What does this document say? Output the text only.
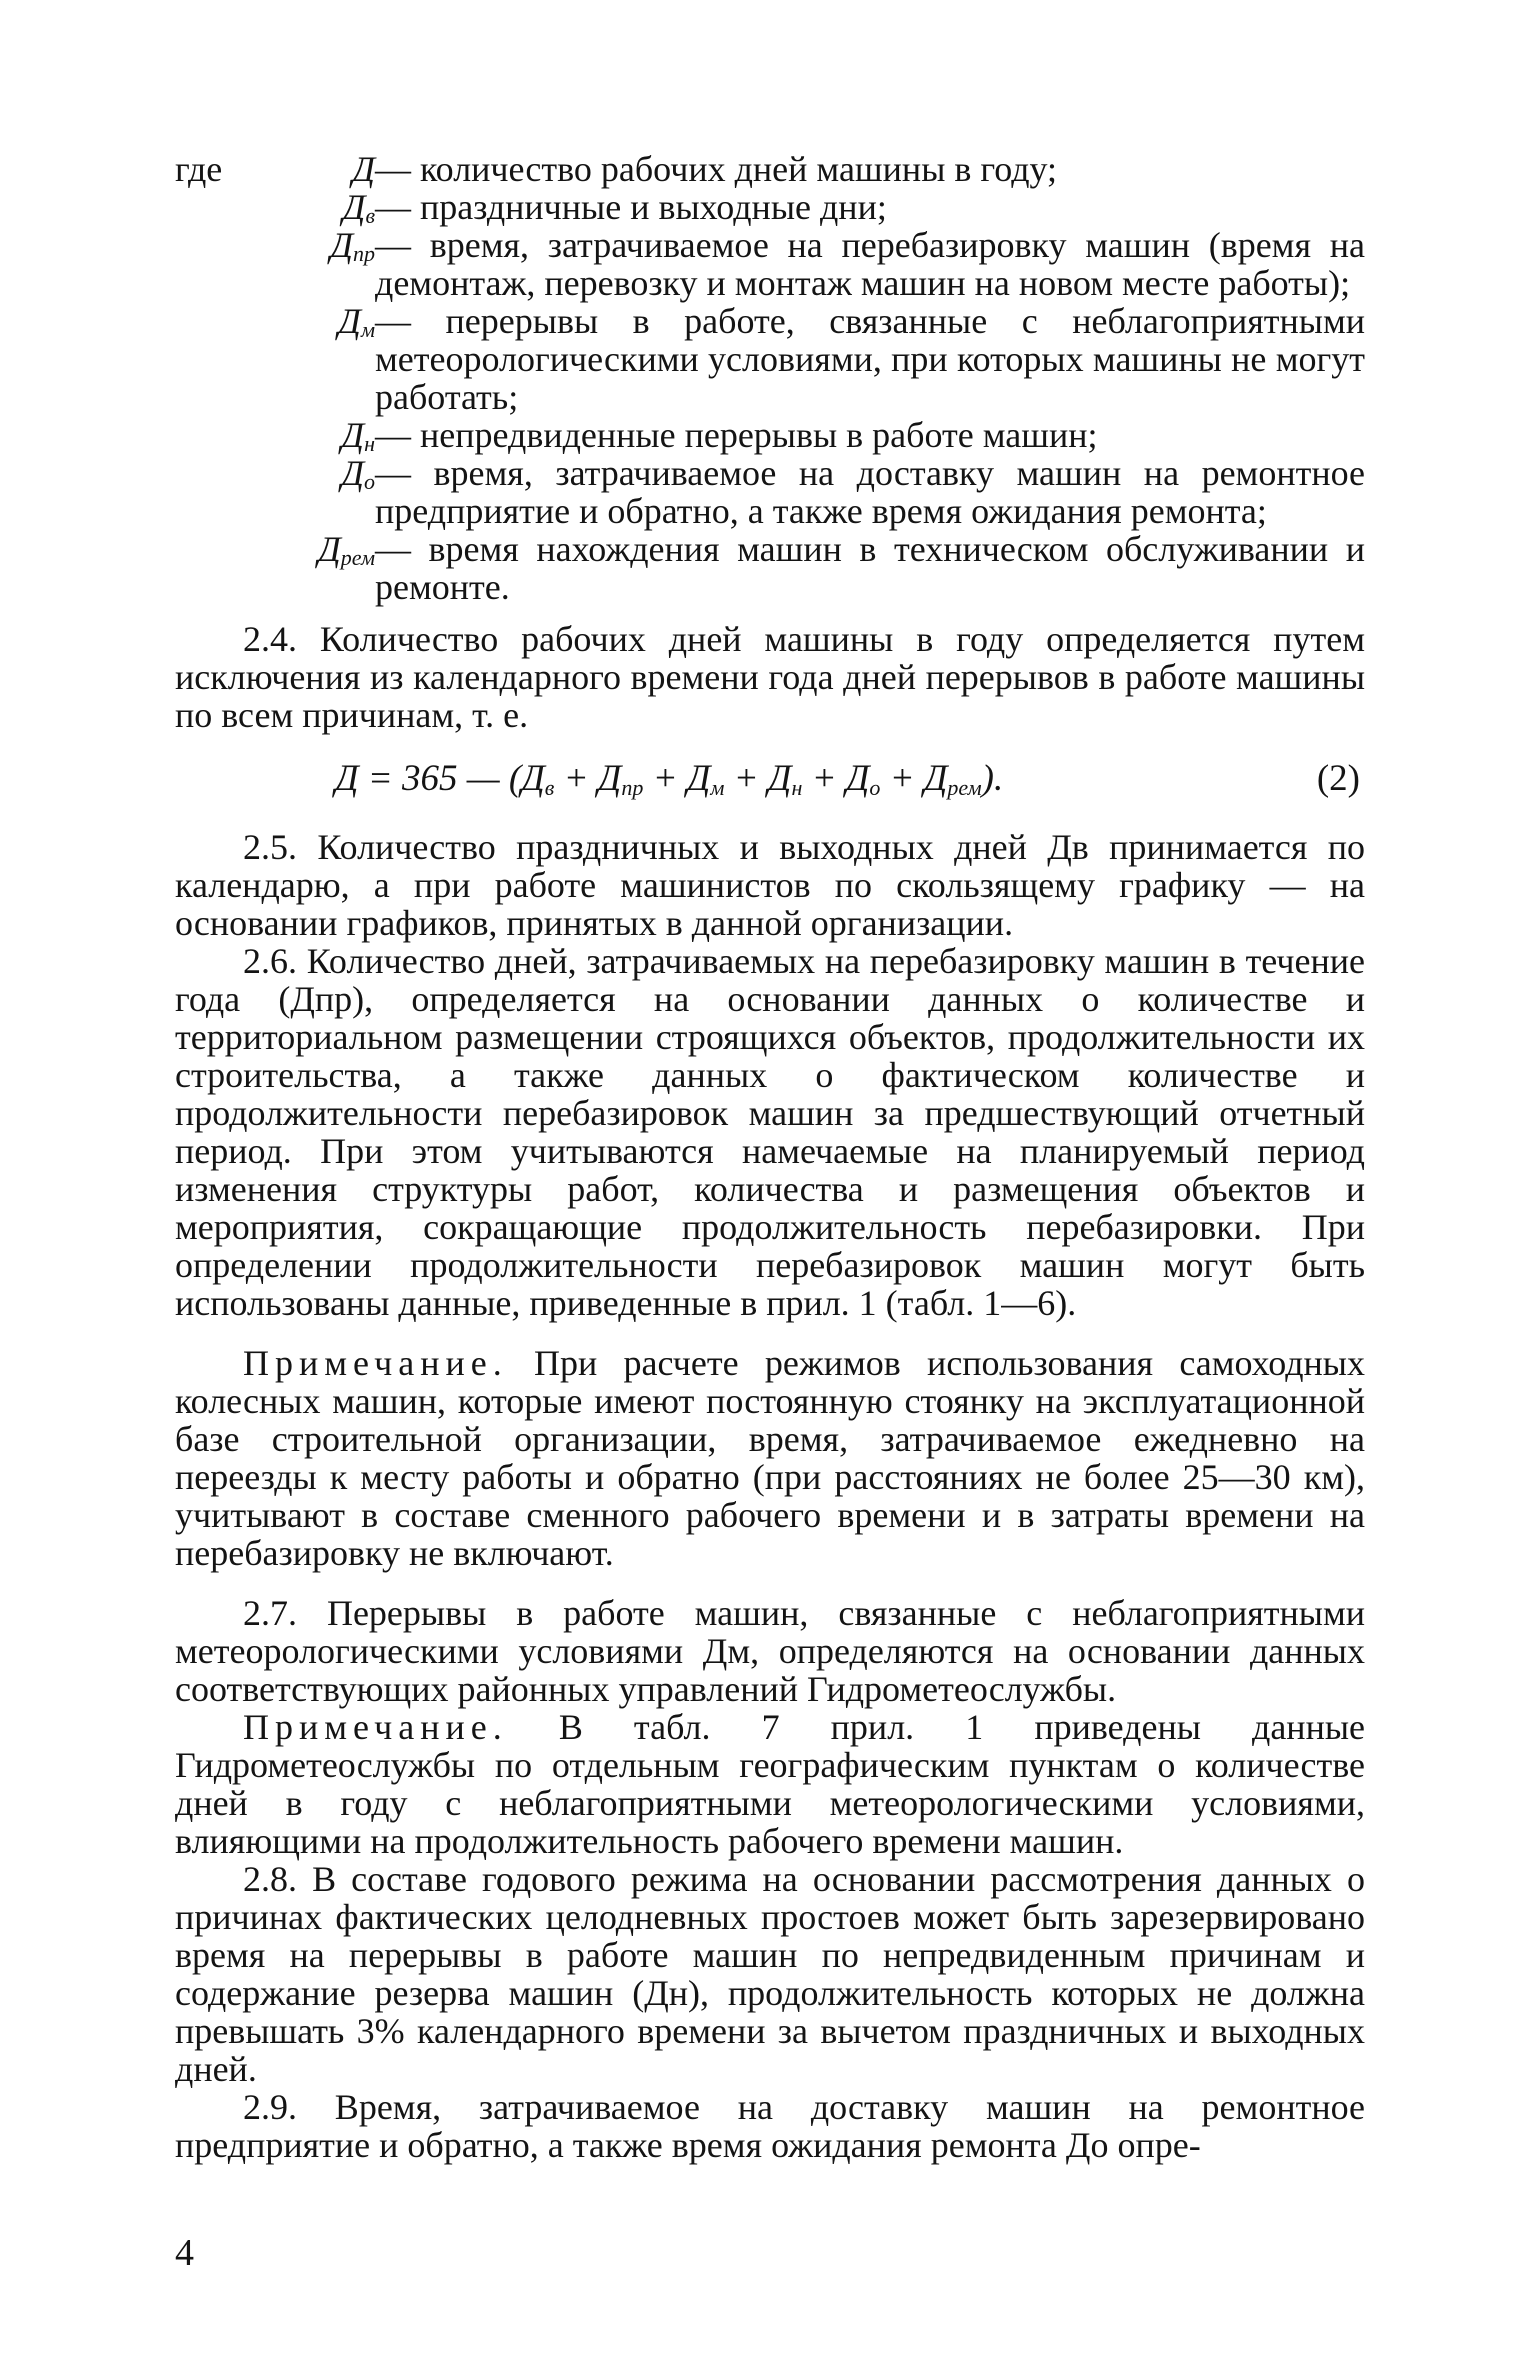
где	Д	— количество рабочих дней машины в году;
$Д_в$	— праздничные и выходные дни;
$Д_{пр}$	— время, затрачиваемое на перебазировку машин (время на демонтаж, перевозку и монтаж машин на новом месте работы);
$Д_м$	— перерывы в работе, связанные с неблагоприятными метеорологическими условиями, при которых машины не могут работать;
$Д_н$	— непредвиденные перерывы в работе машин;
$Д_о$	— время, затрачиваемое на доставку машин на ремонтное предприятие и обратно, а также время ожидания ремонта;
$Д_{рем}$	— время нахождения машин в техническом обслуживании и ремонте.

2.4. Количество рабочих дней машины в году определяется путем исключения из календарного времени года дней перерывов в работе машины по всем причинам, т. е.

Д = 365 — $(Д_в + Д_{пр} + Д_м + Д_н + Д_о + Д_{рем})$.	(2)

2.5. Количество праздничных и выходных дней Дв принимается по календарю, а при работе машинистов по скользящему графику — на основании графиков, принятых в данной организации.

2.6. Количество дней, затрачиваемых на перебазировку машин в течение года (Дпр), определяется на основании данных о количестве и территориальном размещении строящихся объектов, продолжительности их строительства, а также данных о фактическом количестве и продолжительности перебазировок машин за предшествующий отчетный период. При этом учитываются намечаемые на планируемый период изменения структуры работ, количества и размещения объектов и мероприятия, сокращающие продолжительность перебазировки. При определении продолжительности перебазировок машин могут быть использованы данные, приведенные в прил. 1 (табл. 1—6).

Примечание. При расчете режимов использования самоходных колесных машин, которые имеют постоянную стоянку на эксплуатационной базе строительной организации, время, затрачиваемое ежедневно на переезды к месту работы и обратно (при расстояниях не более 25—30 км), учитывают в составе сменного рабочего времени и в затраты времени на перебазировку не включают.

2.7. Перерывы в работе машин, связанные с неблагоприятными метеорологическими условиями Дм, определяются на основании данных соответствующих районных управлений Гидрометеослужбы.

Примечание. В табл. 7 прил. 1 приведены данные Гидрометеослужбы по отдельным географическим пунктам о количестве дней в году с неблагоприятными метеорологическими условиями, влияющими на продолжительность рабочего времени машин.

2.8. В составе годового режима на основании рассмотрения данных о причинах фактических целодневных простоев может быть зарезервировано время на перерывы в работе машин по непредвиденным причинам и содержание резерва машин (Дн), продолжительность которых не должна превышать 3% календарного времени за вычетом праздничных и выходных дней.

2.9. Время, затрачиваемое на доставку машин на ремонтное предприятие и обратно, а также время ожидания ремонта До опре-

4
